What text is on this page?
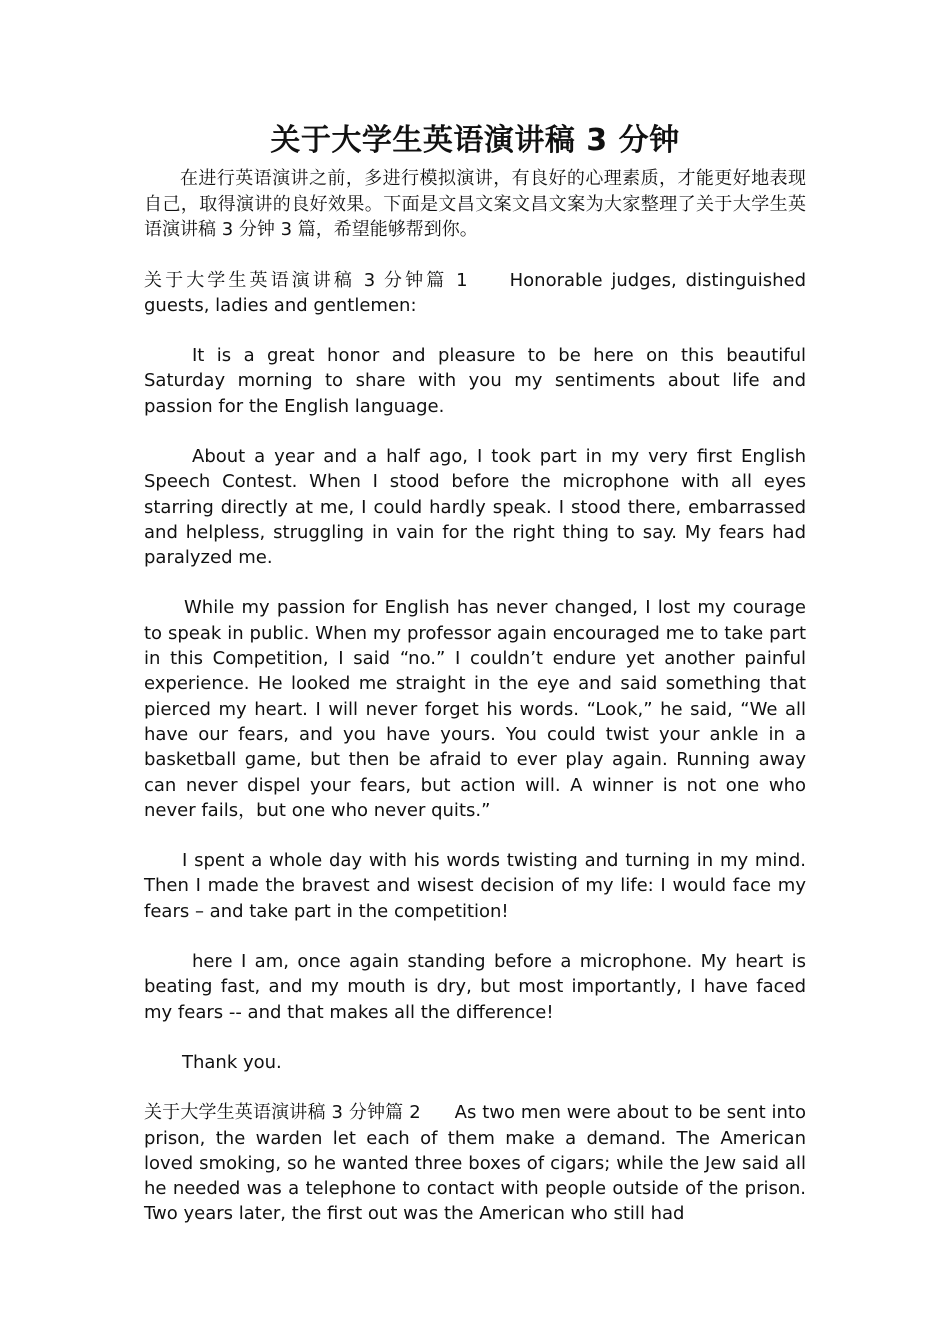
关于大学生英语演讲稿 3 分钟

在进行英语演讲之前，多进行模拟演讲，有良好的心理素质，才能更好地表现自己，取得演讲的良好效果。下面是文昌文案文昌文案为大家整理了关于大学生英语演讲稿 3 分钟 3 篇，希望能够帮到你。

关于大学生英语演讲稿 3 分钟篇 1 Honorable judges, distinguished guests, ladies and gentlemen:

It is a great honor and pleasure to be here on this beautiful Saturday morning to share with you my sentiments about life and passion for the English language.

About a year and a half ago, I took part in my very first English Speech Contest. When I stood before the microphone with all eyes starring directly at me, I could hardly speak. I stood there, embarrassed and helpless, struggling in vain for the right thing to say. My fears had paralyzed me.

While my passion for English has never changed, I lost my courage to speak in public. When my professor again encouraged me to take part in this Competition, I said “no.” I couldn’t endure yet another painful experience. He looked me straight in the eye and said something that pierced my heart. I will never forget his words. “Look,” he said, “We all have our fears, and you have yours. You could twist your ankle in a basketball game, but then be afraid to ever play again. Running away can never dispel your fears, but action will. A winner is not one who never fails，but one who never quits.”

I spent a whole day with his words twisting and turning in my mind. Then I made the bravest and wisest decision of my life: I would face my fears – and take part in the competition!

here I am, once again standing before a microphone. My heart is beating fast, and my mouth is dry, but most importantly, I have faced my fears -- and that makes all the difference!

Thank you.

关于大学生英语演讲稿 3 分钟篇 2 As two men were about to be sent into prison, the warden let each of them make a demand. The American loved smoking, so he wanted three boxes of cigars; while the Jew said all he needed was a telephone to contact with people outside of the prison. Two years later, the first out was the American who still had
